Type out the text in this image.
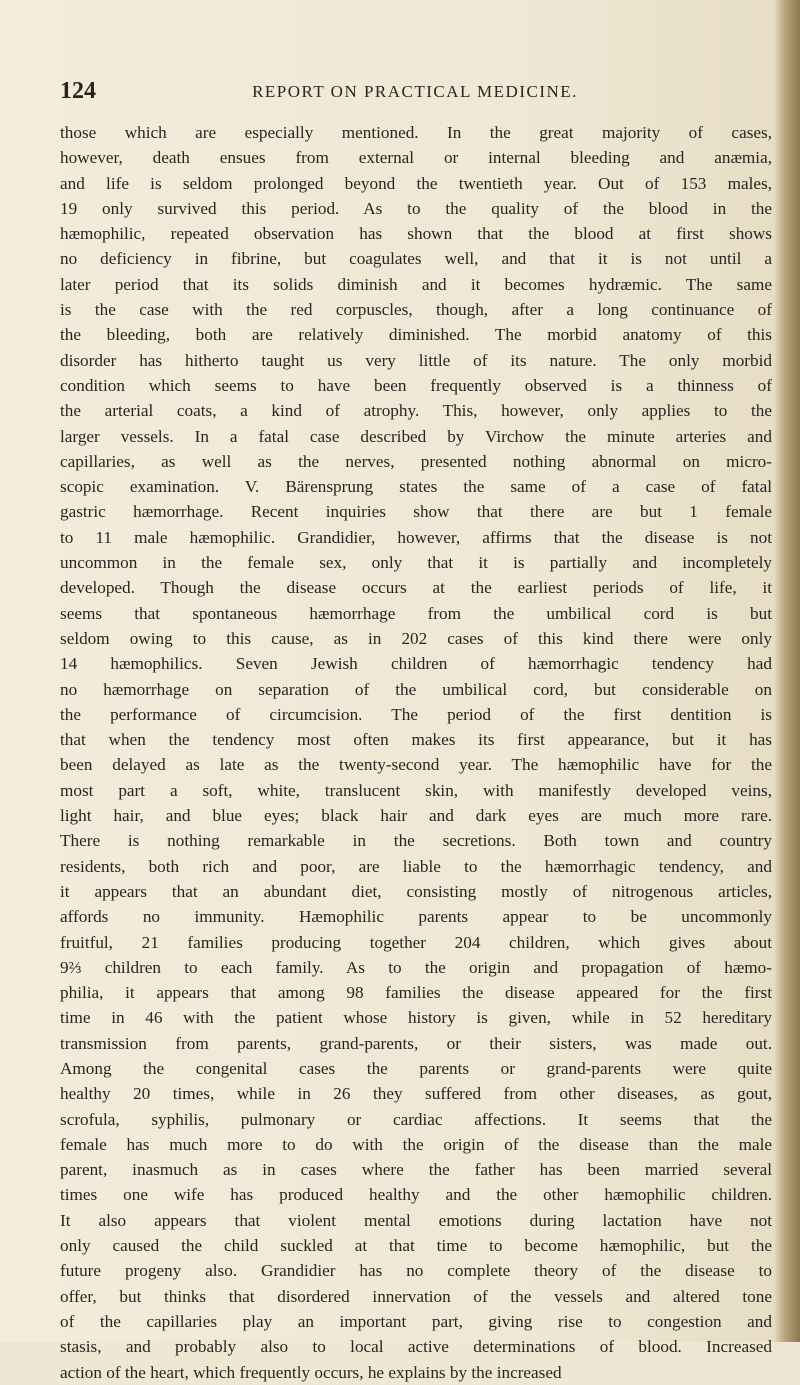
124	REPORT ON PRACTICAL MEDICINE.
those which are especially mentioned. In the great majority of cases,
however, death ensues from external or internal bleeding and anæmia,
and life is seldom prolonged beyond the twentieth year. Out of 153 males,
19 only survived this period. As to the quality of the blood in the
hæmophilic, repeated observation has shown that the blood at first shows
no deficiency in fibrine, but coagulates well, and that it is not until a
later period that its solids diminish and it becomes hydræmic. The same
is the case with the red corpuscles, though, after a long continuance of
the bleeding, both are relatively diminished. The morbid anatomy of this
disorder has hitherto taught us very little of its nature. The only morbid
condition which seems to have been frequently observed is a thinness of
the arterial coats, a kind of atrophy. This, however, only applies to the
larger vessels. In a fatal case described by Virchow the minute arteries and
capillaries, as well as the nerves, presented nothing abnormal on micro-
scopic examination. V. Bärensprung states the same of a case of fatal
gastric hæmorrhage. Recent inquiries show that there are but 1 female
to 11 male hæmophilic. Grandidier, however, affirms that the disease is not
uncommon in the female sex, only that it is partially and incompletely
developed. Though the disease occurs at the earliest periods of life, it
seems that spontaneous hæmorrhage from the umbilical cord is but
seldom owing to this cause, as in 202 cases of this kind there were only
14 hæmophilics. Seven Jewish children of hæmorrhagic tendency had
no hæmorrhage on separation of the umbilical cord, but considerable on
the performance of circumcision. The period of the first dentition is
that when the tendency most often makes its first appearance, but it has
been delayed as late as the twenty-second year. The hæmophilic have for the
most part a soft, white, translucent skin, with manifestly developed veins,
light hair, and blue eyes; black hair and dark eyes are much more rare.
There is nothing remarkable in the secretions. Both town and country
residents, both rich and poor, are liable to the hæmorrhagic tendency, and
it appears that an abundant diet, consisting mostly of nitrogenous articles,
affords no immunity. Hæmophilic parents appear to be uncommonly
fruitful, 21 families producing together 204 children, which gives about
9⅔ children to each family. As to the origin and propagation of hæmo-
philia, it appears that among 98 families the disease appeared for the first
time in 46 with the patient whose history is given, while in 52 hereditary
transmission from parents, grand-parents, or their sisters, was made out.
Among the congenital cases the parents or grand-parents were quite
healthy 20 times, while in 26 they suffered from other diseases, as gout,
scrofula, syphilis, pulmonary or cardiac affections. It seems that the
female has much more to do with the origin of the disease than the male
parent, inasmuch as in cases where the father has been married several
times one wife has produced healthy and the other hæmophilic children.
It also appears that violent mental emotions during lactation have not
only caused the child suckled at that time to become hæmophilic, but the
future progeny also. Grandidier has no complete theory of the disease to
offer, but thinks that disordered innervation of the vessels and altered tone
of the capillaries play an important part, giving rise to congestion and
stasis, and probably also to local active determinations of blood. Increased
action of the heart, which frequently occurs, he explains by the increased
